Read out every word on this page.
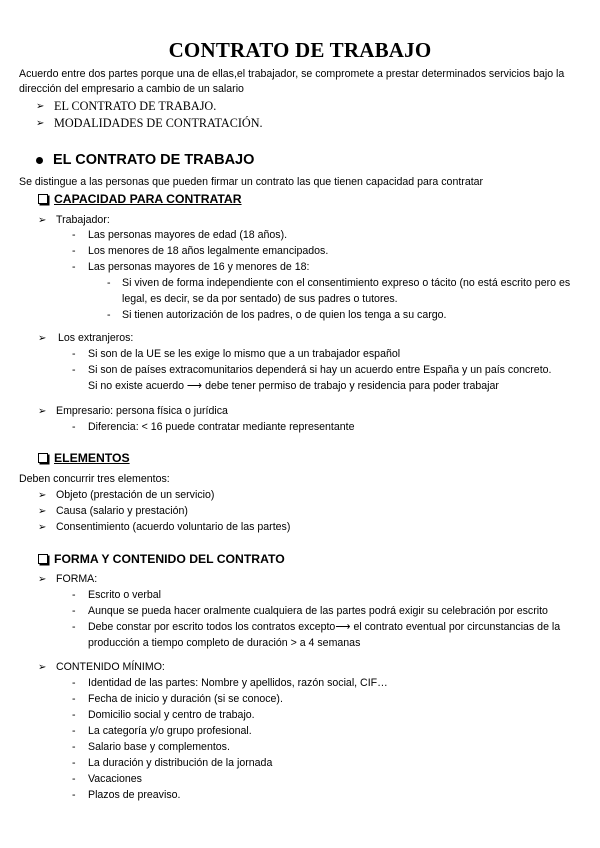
CONTRATO DE TRABAJO
Acuerdo entre dos partes porque una de ellas,el trabajador, se compromete a prestar determinados servicios bajo la dirección del empresario a cambio de un salario
➢ EL CONTRATO DE TRABAJO.
➢ MODALIDADES DE CONTRATACIÓN.
EL CONTRATO DE TRABAJO
Se distingue a las personas que pueden firmar un contrato las que tienen capacidad para contratar
CAPACIDAD PARA CONTRATAR
➢ Trabajador:
- Las personas mayores de edad (18 años).
- Los menores de 18 años legalmente emancipados.
- Las personas mayores de 16 y menores de 18:
- Si viven de forma independiente con el consentimiento expreso o tácito (no está escrito pero es
legal, es decir, se da por sentado) de sus padres o tutores.
- Si tienen autorización de los padres, o de quien los tenga a su cargo.
➢ Los extranjeros:
- Si son de la UE se les exige lo mismo que a un trabajador español
- Si son de países extracomunitarios dependerá si hay un acuerdo entre España y un país concreto.
Si no existe acuerdo ⟶ debe tener permiso de trabajo y residencia para poder trabajar
➢ Empresario: persona física o jurídica
- Diferencia: < 16 puede contratar mediante representante
ELEMENTOS
Deben concurrir tres elementos:
➢ Objeto (prestación de un servicio)
➢ Causa (salario y prestación)
➢ Consentimiento (acuerdo voluntario de las partes)
FORMA Y CONTENIDO DEL CONTRATO
➢ FORMA:
- Escrito o verbal
- Aunque se pueda hacer oralmente cualquiera de las partes podrá exigir su celebración por escrito
- Debe constar por escrito todos los contratos excepto⟶ el contrato eventual por circunstancias de la
producción a tiempo completo de duración > a 4 semanas
➢ CONTENIDO MÍNIMO:
- Identidad de las partes: Nombre y apellidos, razón social, CIF…
- Fecha de inicio y duración (si se conoce).
- Domicilio social y centro de trabajo.
- La categoría y/o grupo profesional.
- Salario base y complementos.
- La duración y distribución de la jornada
- Vacaciones
- Plazos de preaviso.
